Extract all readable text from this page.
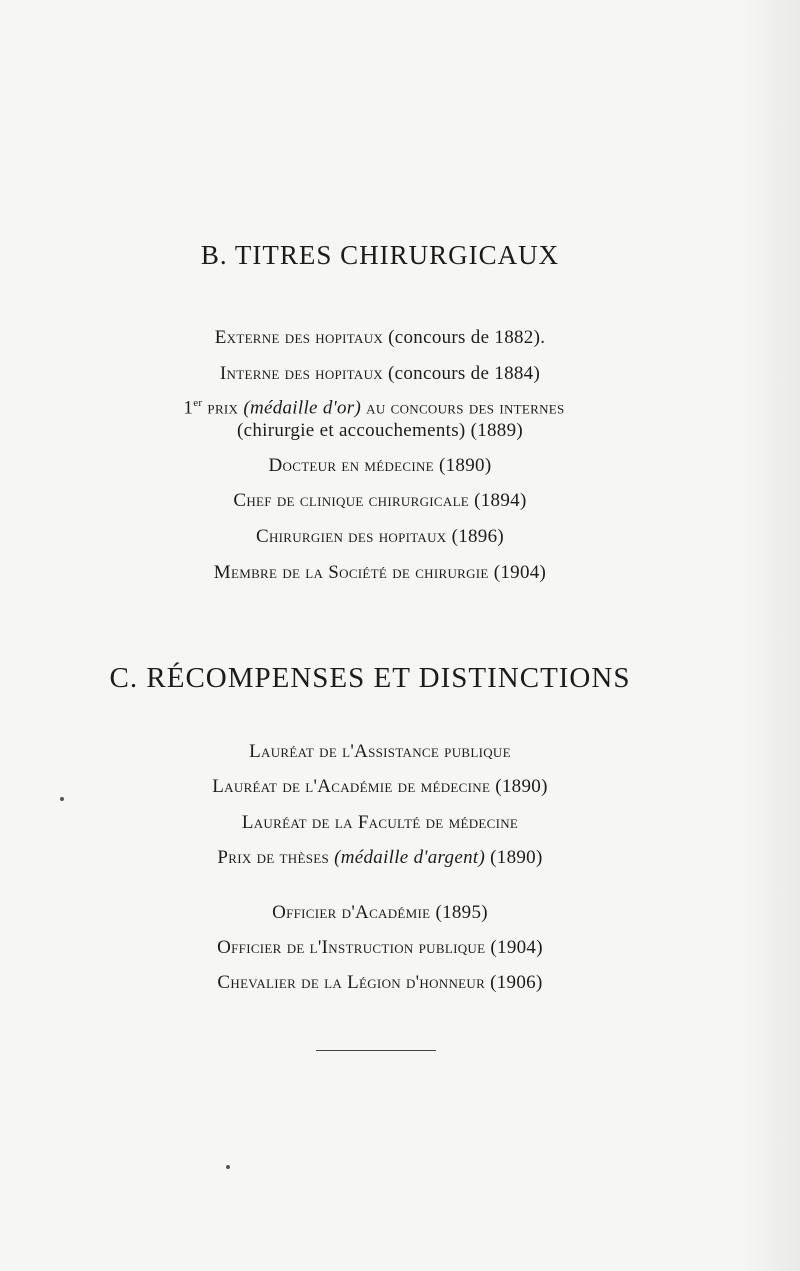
B. TITRES CHIRURGICAUX
Externe des hopitaux (concours de 1882).
Interne des hopitaux (concours de 1884)
1er prix (médaille d'or) au concours des internes
(chirurgie et accouchements) (1889)
Docteur en médecine (1890)
Chef de clinique chirurgicale (1894)
Chirurgien des hopitaux (1896)
Membre de la Société de chirurgie (1904)
C. RÉCOMPENSES ET DISTINCTIONS
Lauréat de l'Assistance publique
Lauréat de l'Académie de médecine (1890)
Lauréat de la Faculté de médecine
Prix de thèses (médaille d'argent) (1890)
Officier d'Académie (1895)
Officier de l'Instruction publique (1904)
Chevalier de la Légion d'honneur (1906)
